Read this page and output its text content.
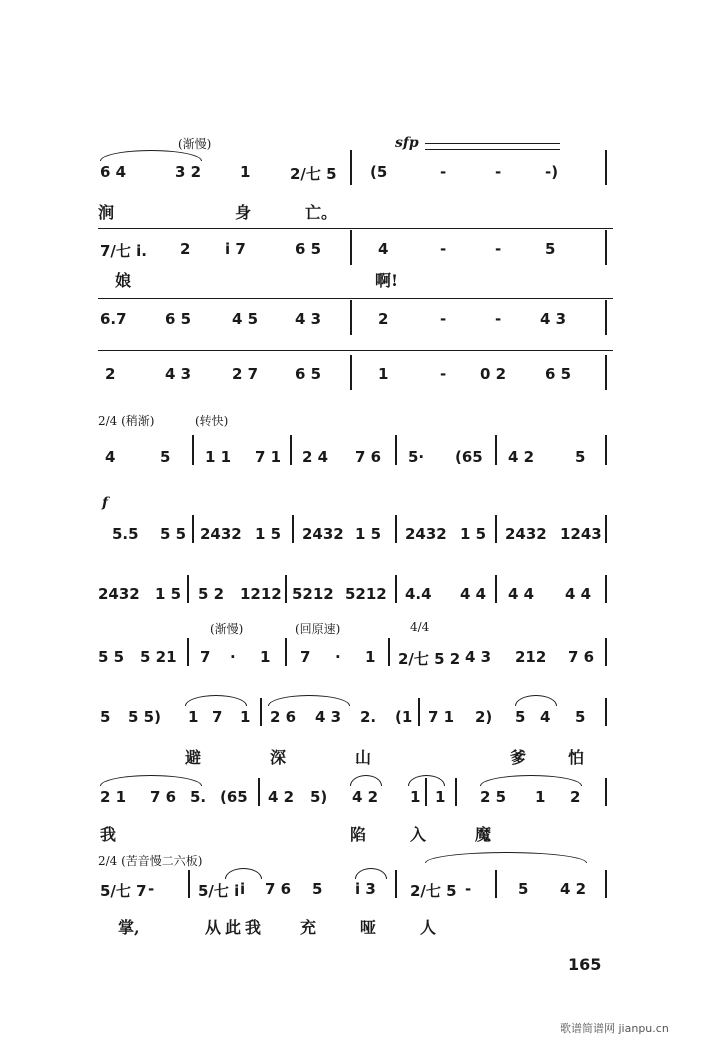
(渐慢)	sfp
6 4	3 2	1	2/七 5 (5	-	-	-)
涧	身	亡。
7/七 i. 2 i 7	6 5	4	-	-	5
娘	啊!
6.7	6 5	4 5 4 3	2	-	-	4 3
2	4 3	2 7 6 5	1	- 0 2	6 5
2/4 (稍渐)	(转快)
4	5 1 1 7 1 2 4 7 6 5· (65 4 2	5
f
5.5 5 5 2432 1 5 2432 1 5 2432 1 5 2432 1243
2432 1 5 5 2 1212 5212 5212 4.4 4 4 4 4 4 4
(渐慢)	(回原速)	4/4
5 5 5 21 7 · 1 7 · 1 2/七 5 2 4 3 212 7 6
5 5 5) 1 7 1 2 6 4 3 2. (1 7 1 2) 5 4 5
避	深	山	爹	怕
2 1 7 6 5. (65 4 2 5) 4 2 1 1 2 5 1 2
我	陷	入	魔
2/4 (苦音慢二六板)
5/七 7 -	5/七 i i 7 6 5 i 3 2/七 5 -	5 4 2
掌,	从 此 我 充	哑	人
165
歌谱简谱网 jianpu.cn
